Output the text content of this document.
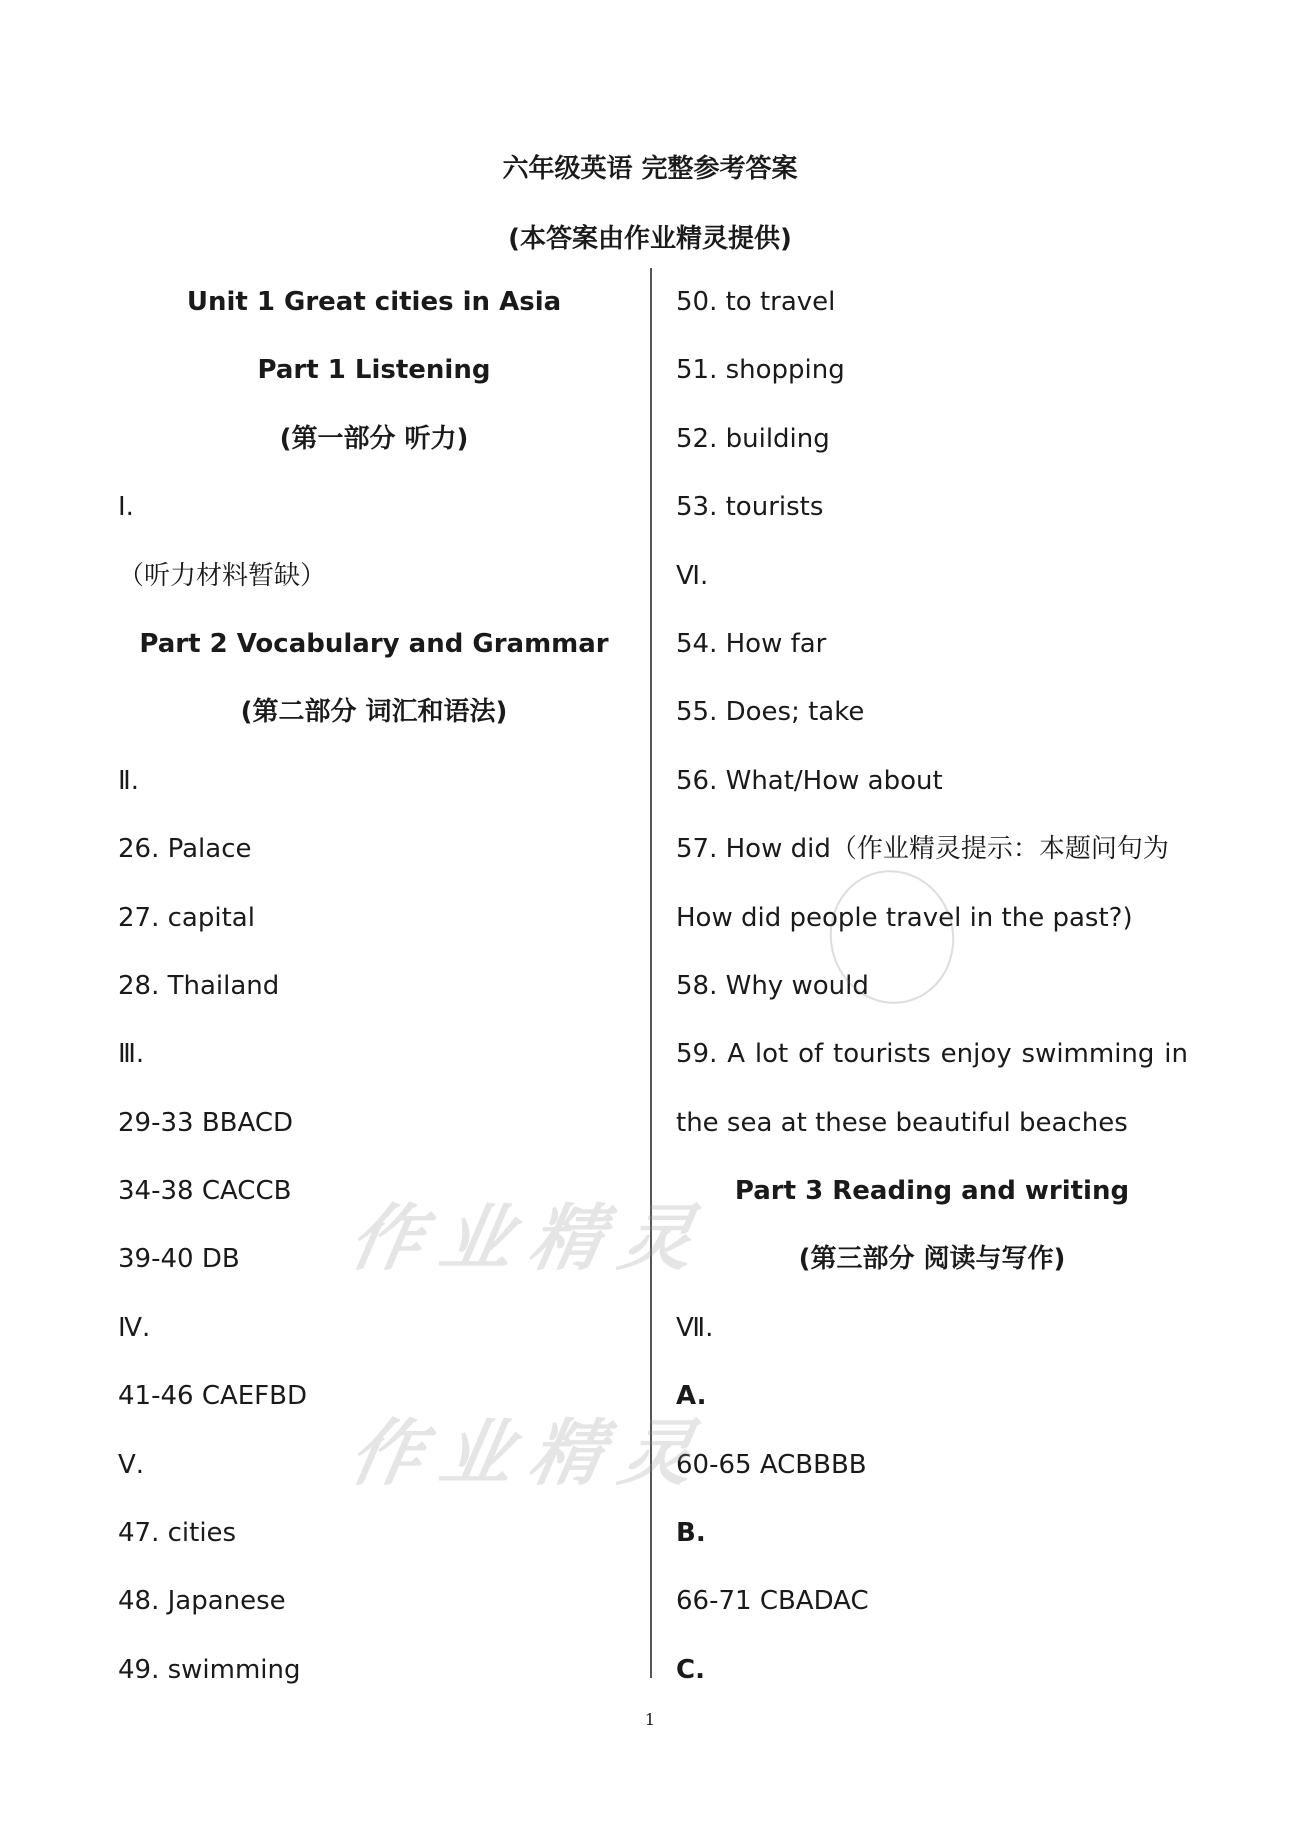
六年级英语 完整参考答案
(本答案由作业精灵提供)
Unit 1 Great cities in Asia
Part 1 Listening
(第一部分 听力)
Ⅰ.
（听力材料暂缺）
Part 2 Vocabulary and Grammar
(第二部分 词汇和语法)
Ⅱ.
26. Palace
27. capital
28. Thailand
Ⅲ.
29-33 BBACD
34-38 CACCB
39-40 DB
Ⅳ.
41-46 CAEFBD
Ⅴ.
47. cities
48. Japanese
49. swimming
50. to travel
51. shopping
52. building
53. tourists
Ⅵ.
54. How far
55. Does; take
56. What/How about
57. How did（作业精灵提示：本题问句为
How did people travel in the past?)
58. Why would
59. A lot of tourists enjoy swimming in
the sea at these beautiful beaches
Part 3 Reading and writing
(第三部分 阅读与写作)
Ⅶ.
A.
60-65 ACBBBB
B.
66-71 CBADAC
C.
作业精灵
作业精灵
1
